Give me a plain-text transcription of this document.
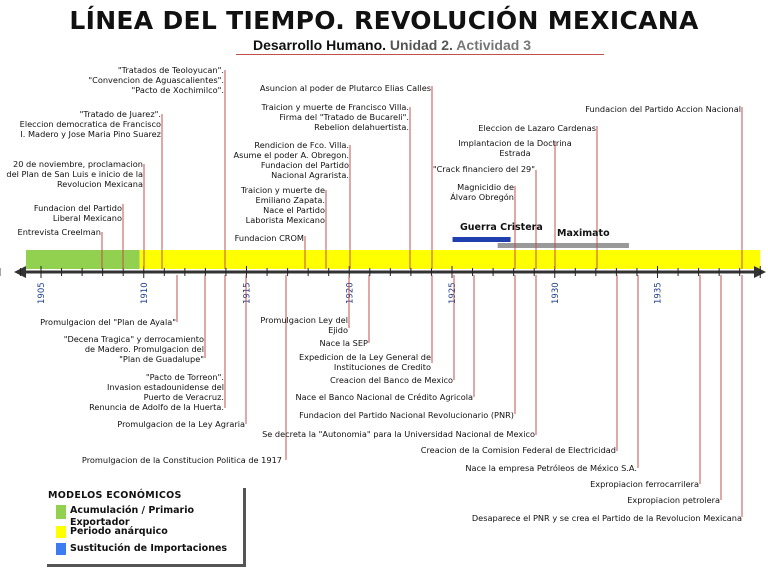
LÍNEA DEL TIEMPO. REVOLUCIÓN MEXICANA
Desarrollo Humano. Unidad 2. Actividad 3
1905	1910	1915	1920	1925	1930	1935
Entrevista Creelman
Fundacion del Partido
Liberal Mexicano
20 de noviembre, proclamacion
del Plan de San Luis e inicio de la
Revolucion Mexicana
"Tratado de Juarez".
Eleccion democratica de Francisco
I. Madero y Jose Maria Pino Suarez
"Tratados de Teoloyucan".
"Convencion de Aguascalientes".
"Pacto de Xochimilco".
Fundacion CROM
Traicion y muerte de
Emiliano Zapata.
Nace el Partido
Laborista Mexicano
Rendicion de Fco. Villa.
Asume el poder A. Obregon.
Fundacion del Partido
Nacional Agrarista.
Traicion y muerte de Francisco Villa.
Firma del "Tratado de Bucareli".
Rebelion delahuertista.
Asuncion al poder de Plutarco Elias Calles
Magnicidio de
Álvaro Obregón
"Crack financiero del 29"
Implantacion de la Doctrina
Estrada
Eleccion de Lazaro Cardenas
Fundacion del Partido Accion Nacional
Promulgacion del "Plan de Ayala"
"Decena Tragica" y derrocamiento
de Madero. Promulgacion del
"Plan de Guadalupe"
"Pacto de Torreon".
Invasion estadounidense del
Puerto de Veracruz.
Renuncia de Adolfo de la Huerta.
Promulgacion de la Ley Agraria
Promulgacion de la Constitucion Politica de 1917
Se decreta la "Autonomia" para la Universidad Nacional de Mexico
Promulgacion Ley del
Ejido
Nace la SEP
Expedicion de la Ley General de
Instituciones de Credito
Creacion del Banco de Mexico
Nace el Banco Nacional de Crédito Agricola
Fundacion del Partido Nacional Revolucionario (PNR)
Creacion de la Comision Federal de Electricidad
Nace la empresa Petróleos de México S.A.
Expropiacion ferrocarrilera
Expropiacion petrolera
Desaparece el PNR y se crea el Partido de la Revolucion Mexicana
Guerra Cristera
Maximato
MODELOS ECONÓMICOS
Acumulación / Primario
Exportador
Periodo anárquico
Sustitución de Importaciones
